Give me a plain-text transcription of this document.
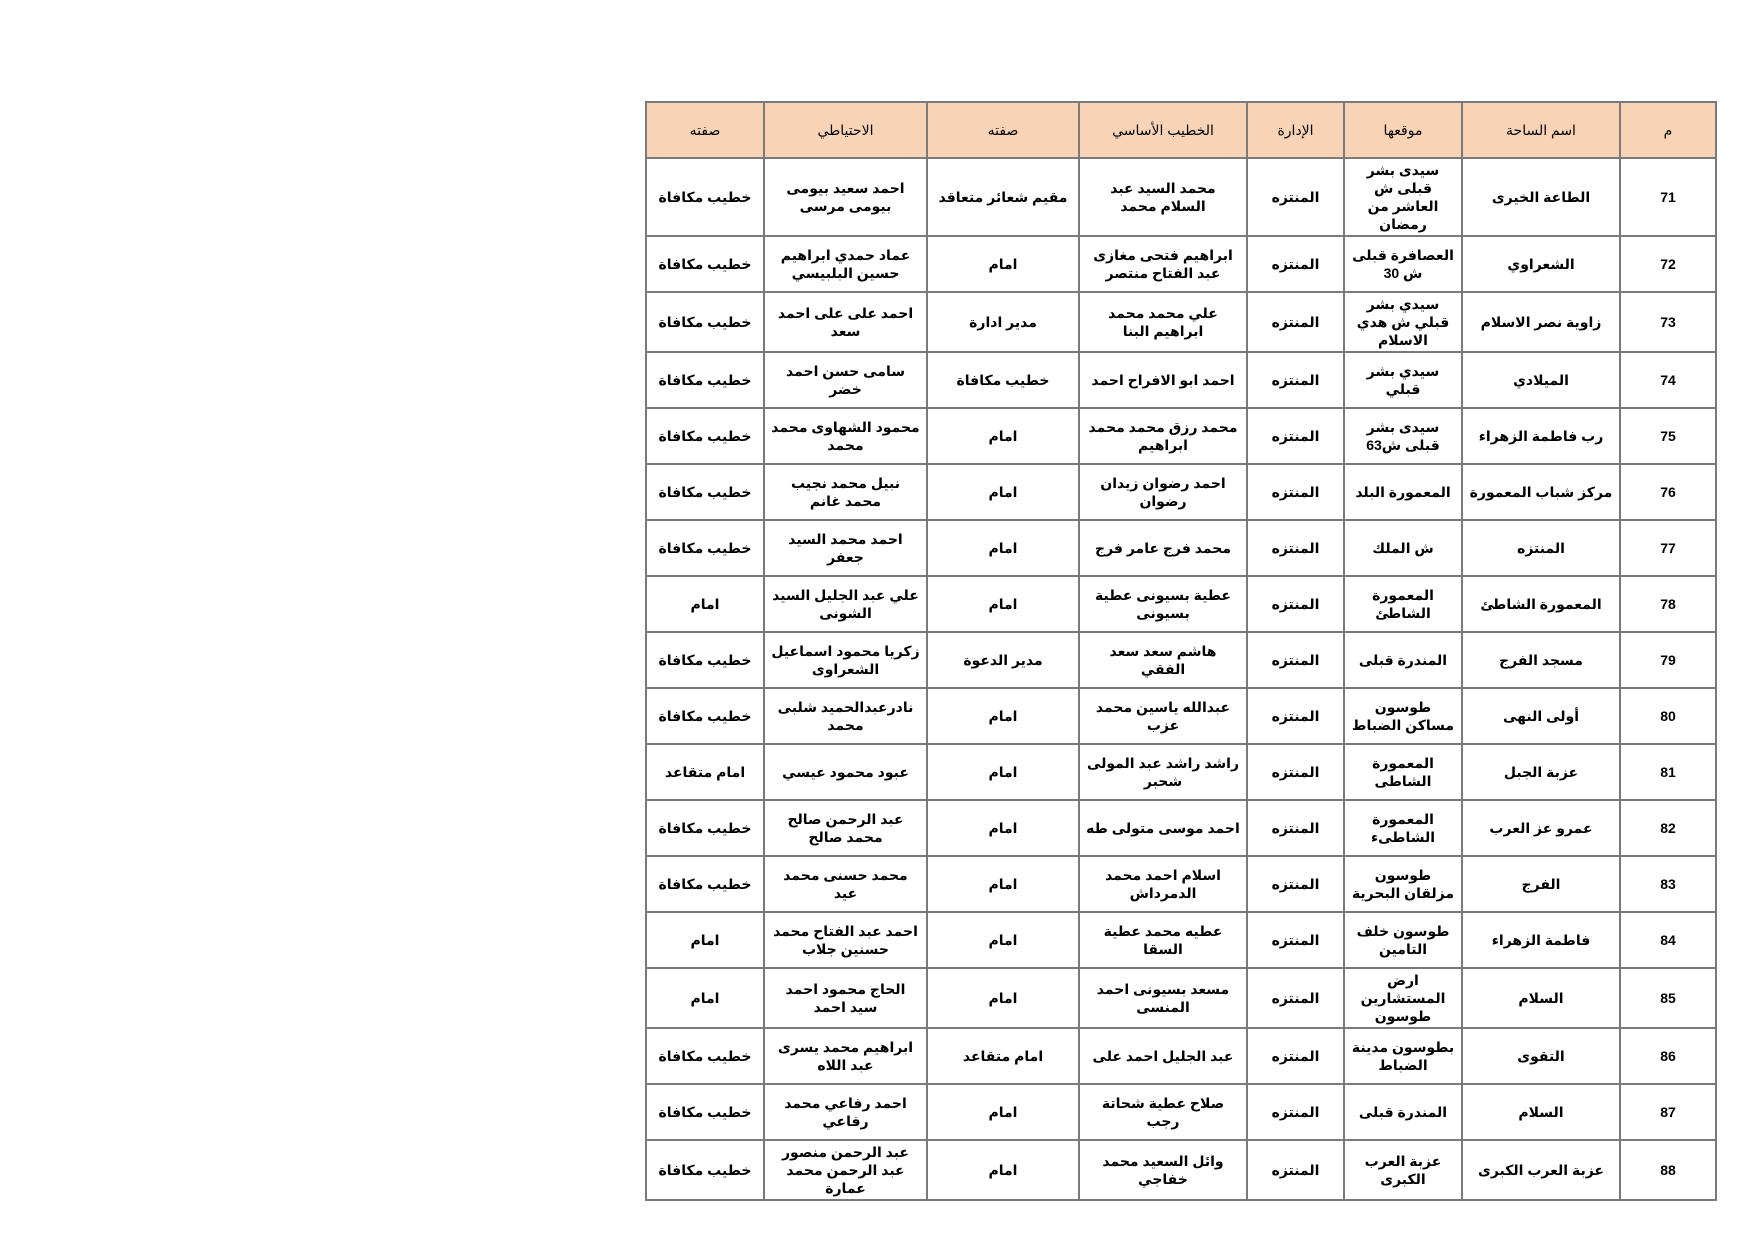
م	اسم الساحة	موقعها	الإدارة	الخطيب الأساسي	صفته	الاحتياطي	صفته
71	الطاعة الخيرى	سيدى بشر قبلى ش العاشر من رمضان	المنتزه	محمد السيد عبد السلام محمد	مقيم شعائر متعاقد	احمد سعيد بيومى بيومى مرسى	خطيب مكافاة
72	الشعراوي	العصافرة قبلى ش 30	المنتزه	ابراهيم فتحى مغازى عبد الفتاح منتصر	امام	عماد حمدي ابراهيم حسين البلبيسي	خطيب مكافاة
73	زاوية نصر الاسلام	سيدي بشر قبلي ش هدي الاسلام	المنتزه	علي محمد محمد ابراهيم البنا	مدير ادارة	احمد على على احمد سعد	خطيب مكافاة
74	الميلادي	سيدي بشر قبلي	المنتزه	احمد ابو الافراح احمد	خطيب مكافاة	سامى حسن احمد خضر	خطيب مكافاة
75	رب فاطمة الزهراء	سيدى بشر قبلى ش63	المنتزه	محمد رزق محمد محمد ابراهيم	امام	محمود الشهاوى محمد محمد	خطيب مكافاة
76	مركز شباب المعمورة	المعمورة البلد	المنتزه	احمد رضوان زيدان رضوان	امام	نبيل محمد نجيب محمد غانم	خطيب مكافاة
77	المنتزه	ش الملك	المنتزه	محمد فرج عامر فرج	امام	احمد محمد السيد جعفر	خطيب مكافاة
78	المعمورة الشاطئ	المعمورة الشاطئ	المنتزه	عطية بسيونى عطية بسيونى	امام	علي عبد الجليل السيد الشونى	امام
79	مسجد الفرج	المندرة قبلى	المنتزه	هاشم سعد سعد الفقي	مدير الدعوة	زكريا محمود اسماعيل الشعراوى	خطيب مكافاة
80	أولى النهى	طوسون مساكن الضباط	المنتزه	عبدالله ياسين محمد عزب	امام	نادرعبدالحميد شلبى محمد	خطيب مكافاة
81	عزبة الجبل	المعمورة الشاطى	المنتزه	راشد راشد عبد المولى شحبر	امام	عبود محمود عيسي	امام متقاعد
82	عمرو عز العرب	المعمورة الشاطىء	المنتزه	احمد موسى متولى طه	امام	عبد الرحمن صالح محمد صالح	خطيب مكافاة
83	الفرج	طوسون مزلقان البحرية	المنتزه	اسلام احمد محمد الدمرداش	امام	محمد حسنى محمد عيد	خطيب مكافاة
84	فاطمة الزهراء	طوسون خلف التامين	المنتزه	عطيه محمد عطية السقا	امام	احمد عبد الفتاح محمد حسنين جلاب	امام
85	السلام	ارض المستشارين طوسون	المنتزه	مسعد بسيونى احمد المنسى	امام	الحاج محمود احمد سيد احمد	امام
86	التقوى	بطوسون مدينة الضباط	المنتزه	عبد الجليل احمد على	امام متقاعد	ابراهيم محمد يسرى عبد اللاه	خطيب مكافاة
87	السلام	المندرة قبلى	المنتزه	صلاح عطية شحاتة رجب	امام	احمد رفاعي محمد رفاعي	خطيب مكافاة
88	عزبة العرب الكبرى	عزبة العرب الكبرى	المنتزه	وائل السعيد محمد خفاجي	امام	عبد الرحمن منصور عبد الرحمن محمد عمارة	خطيب مكافاة
